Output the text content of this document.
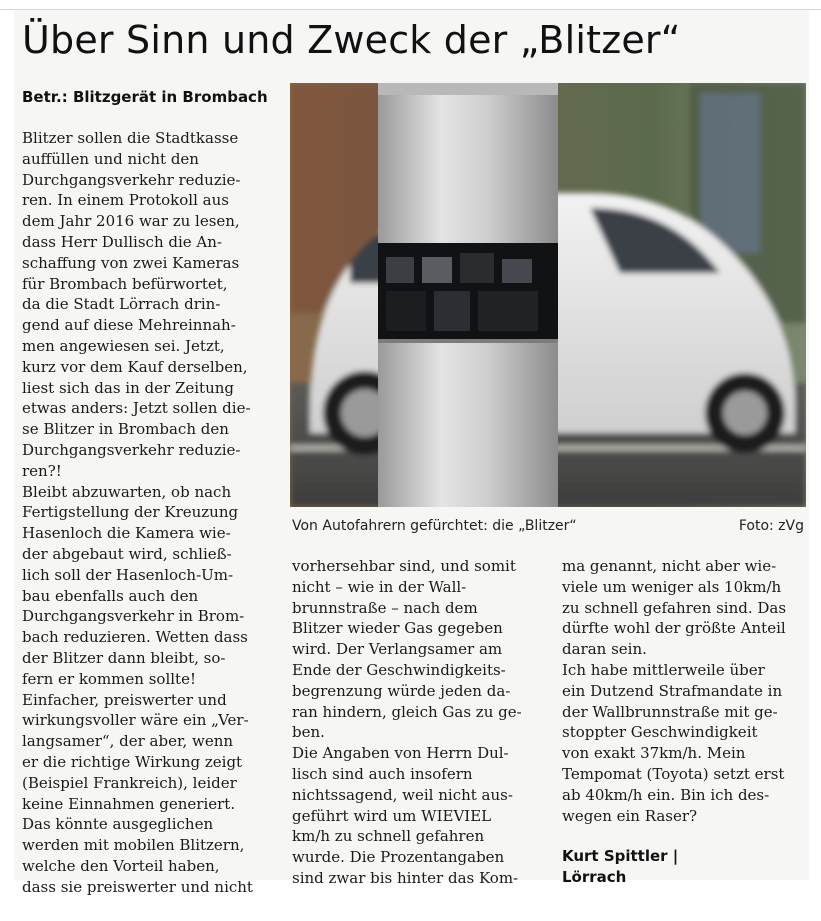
Über Sinn und Zweck der „Blitzer“
Betr.: Blitzgerät in Brombach
Blitzer sollen die Stadtkasse
auffüllen und nicht den
Durchgangsverkehr reduzie-
ren. In einem Protokoll aus
dem Jahr 2016 war zu lesen,
dass Herr Dullisch die An-
schaffung von zwei Kameras
für Brombach befürwortet,
da die Stadt Lörrach drin-
gend auf diese Mehreinnah-
men angewiesen sei. Jetzt,
kurz vor dem Kauf derselben,
liest sich das in der Zeitung
etwas anders: Jetzt sollen die-
se Blitzer in Brombach den
Durchgangsverkehr reduzie-
ren?!
Bleibt abzuwarten, ob nach
Fertigstellung der Kreuzung
Hasenloch die Kamera wie-
der abgebaut wird, schließ-
lich soll der Hasenloch-Um-
bau ebenfalls auch den
Durchgangsverkehr in Brom-
bach reduzieren. Wetten dass
der Blitzer dann bleibt, so-
fern er kommen sollte!
Einfacher, preiswerter und
wirkungsvoller wäre ein „Ver-
langsamer“, der aber, wenn
er die richtige Wirkung zeigt
(Beispiel Frankreich), leider
keine Einnahmen generiert.
Das könnte ausgeglichen
werden mit mobilen Blitzern,
welche den Vorteil haben,
dass sie preiswerter und nicht
Von Autofahrern gefürchtet: die „Blitzer“	Foto: zVg
vorhersehbar sind, und somit
nicht – wie in der Wall-
brunnstraße – nach dem
Blitzer wieder Gas gegeben
wird. Der Verlangsamer am
Ende der Geschwindigkeits-
begrenzung würde jeden da-
ran hindern, gleich Gas zu ge-
ben.
Die Angaben von Herrn Dul-
lisch sind auch insofern
nichtssagend, weil nicht aus-
geführt wird um WIEVIEL
km/h zu schnell gefahren
wurde. Die Prozentangaben
sind zwar bis hinter das Kom-
ma genannt, nicht aber wie-
viele um weniger als 10km/h
zu schnell gefahren sind. Das
dürfte wohl der größte Anteil
daran sein.
Ich habe mittlerweile über
ein Dutzend Strafmandate in
der Wallbrunnstraße mit ge-
stoppter Geschwindigkeit
von exakt 37km/h. Mein
Tempomat (Toyota) setzt erst
ab 40km/h ein. Bin ich des-
wegen ein Raser?
Kurt Spittler |
Lörrach
